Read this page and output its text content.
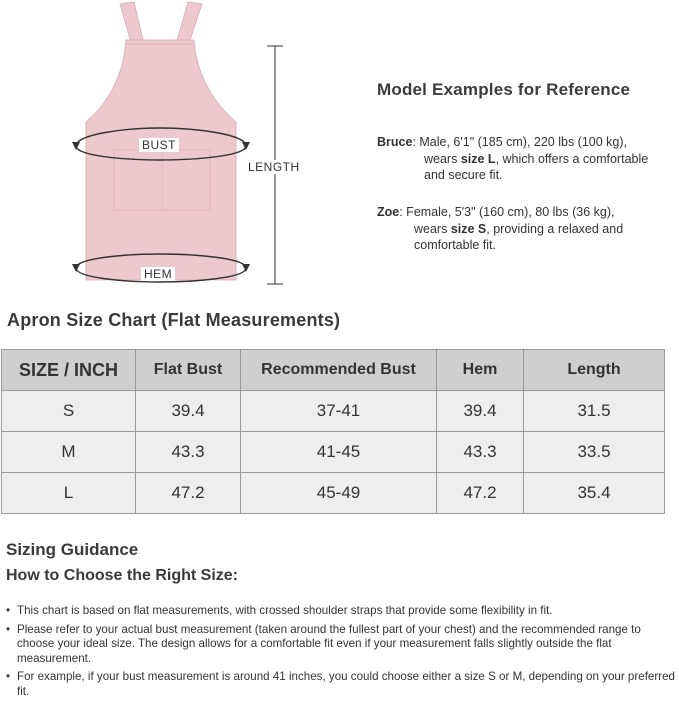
BUST
HEM
LENGTH
Model Examples for Reference
Bruce: Male, 6'1" (185 cm), 220 lbs (100 kg),
wears size L, which offers a comfortable
and secure fit.
Zoe: Female, 5'3" (160 cm), 80 lbs (36 kg),
wears size S, providing a relaxed and
comfortable fit.
Apron Size Chart (Flat Measurements)
SIZE / INCH	Flat Bust	Recommended Bust	Hem	Length
S	39.4	37-41	39.4	31.5
M	43.3	41-45	43.3	33.5
L	47.2	45-49	47.2	35.4
Sizing Guidance
How to Choose the Right Size:
• This chart is based on flat measurements, with crossed shoulder straps that provide some flexibility in fit.
• Please refer to your actual bust measurement (taken around the fullest part of your chest) and the recommended range to choose your ideal size. The design allows for a comfortable fit even if your measurement falls slightly outside the flat measurement.
• For example, if your bust measurement is around 41 inches, you could choose either a size S or M, depending on your preferred fit.
